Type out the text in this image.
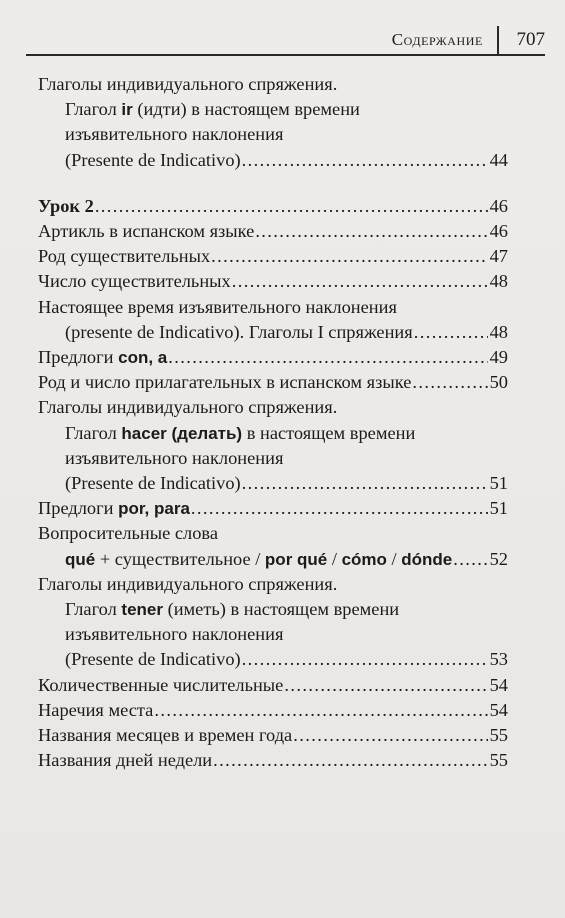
Содержание	707
Глаголы индивидуального спряжения.
Глагол ir (идти) в настоящем времени
изъявительного наклонения
(Presente de Indicativo) .....	44
Урок 2 .....	46
Артикль в испанском языке .....	46
Род существительных .....	47
Число существительных .....	48
Настоящее время изъявительного наклонения
(presente de Indicativo). Глаголы I спряжения .....	48
Предлоги con, a .....	49
Род и число прилагательных в испанском языке .....	50
Глаголы индивидуального спряжения.
Глагол hacer (делать) в настоящем времени
изъявительного наклонения
(Presente de Indicativo) .....	51
Предлоги por, para .....	51
Вопросительные слова
qué + существительное / por qué / cómo / dónde ..... 52
Глаголы индивидуального спряжения.
Глагол tener (иметь) в настоящем времени
изъявительного наклонения
(Presente de Indicativo) .....	53
Количественные числительные .....	54
Наречия места .....	54
Названия месяцев и времен года .....	55
Названия дней недели .....	55
